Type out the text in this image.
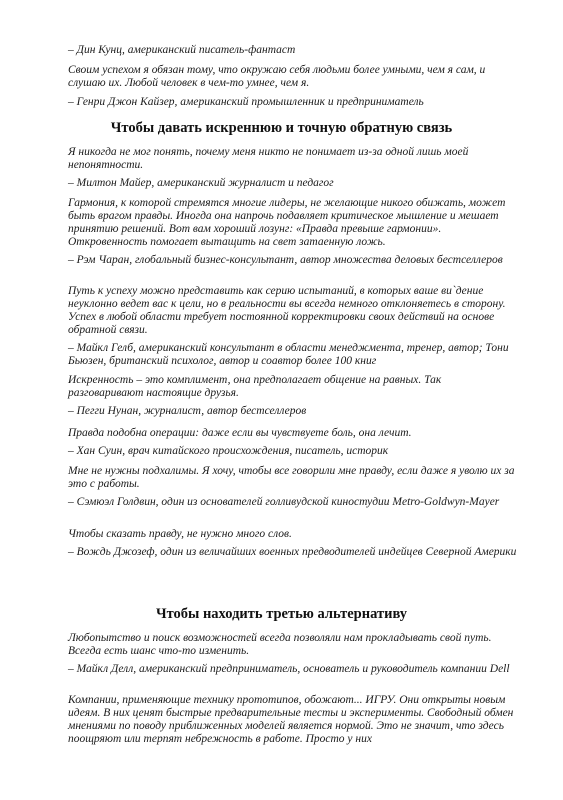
– Дин Кунц, американский писатель-фантаст

Своим успехом я обязан тому, что окружаю себя людьми более умными, чем я сам, и слушаю их. Любой человек в чем-то умнее, чем я.

– Генри Джон Кайзер, американский промышленник и предприниматель

Чтобы давать искреннюю и точную обратную связь

Я никогда не мог понять, почему меня никто не понимает из-за одной лишь моей непонятности.

– Милтон Майер, американский журналист и педагог

Гармония, к которой стремятся многие лидеры, не желающие никого обижать, может быть врагом правды. Иногда она напрочь подавляет критическое мышление и мешает принятию решений. Вот вам хороший лозунг: «Правда превыше гармонии». Откровенность помогает вытащить на свет затаенную ложь.

– Рэм Чаран, глобальный бизнес-консультант, автор множества деловых бестселлеров

Путь к успеху можно представить как серию испытаний, в которых ваше ви`дение неуклонно ведет вас к цели, но в реальности вы всегда немного отклоняетесь в сторону. Успех в любой области требует постоянной корректировки своих действий на основе обратной связи.

– Майкл Гелб, американский консультант в области менеджмента, тренер, автор; Тони Бьюзен, британский психолог, автор и соавтор более 100 книг

Искренность – это комплимент, она предполагает общение на равных. Так разговаривают настоящие друзья.

– Пегги Нунан, журналист, автор бестселлеров

Правда подобна операции: даже если вы чувствуете боль, она лечит.

– Хан Суин, врач китайского происхождения, писатель, историк

Мне не нужны подхалимы. Я хочу, чтобы все говорили мне правду, если даже я уволю их за это с работы.

– Сэмюэл Голдвин, один из основателей голливудской киностудии Metro-Goldwyn-Mayer

Чтобы сказать правду, не нужно много слов.

– Вождь Джозеф, один из величайших военных предводителей индейцев Северной Америки

Чтобы находить третью альтернативу

Любопытство и поиск возможностей всегда позволяли нам прокладывать свой путь. Всегда есть шанс что-то изменить.

– Майкл Делл, американский предприниматель, основатель и руководитель компании Dell

Компании, применяющие технику прототипов, обожают... ИГРУ. Они открыты новым идеям. В них ценят быстрые предварительные тесты и эксперименты. Свободный обмен мнениями по поводу приближенных моделей является нормой. Это не значит, что здесь поощряют или терпят небрежность в работе. Просто у них
